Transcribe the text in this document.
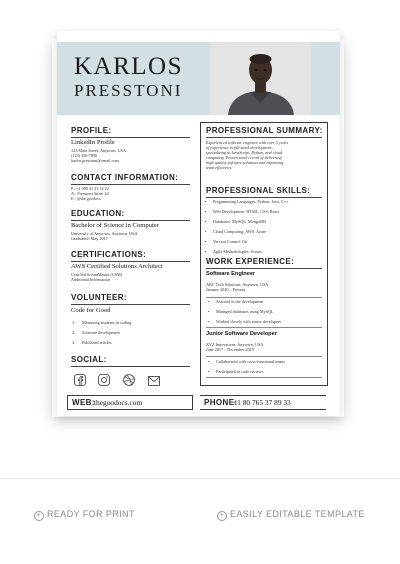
KARLOS
PRESSTONI
PROFILE:
LinkedIn Profile
123 Main Street, Anytown, USA
(123) 456-7890
karlos.presstoni@email.com
CONTACT INFORMATION:
P.: +1 000 41 23 14 22
A.: Presstoni Street 44
E.: @the.goodocs
EDUCATION:
Bachelor of Science in Computer
University of Anytown, Anytown, USA
Graduated: May 2017
CERTIFICATIONS:
AWS Certified Solutions Architect
Certified ScrumMaster (CSM)
Additional Information
VOLUNTEER:
Code for Good
1. Mentoring students in coding
2. Software development
3. Published articles
SOCIAL:
PROFESSIONAL SUMMARY:
Experienced software engineer with over 5 years
of experience in full-stack development,
specializing in JavaScript, Python, and cloud
computing. Proven track record of delivering
high-quality software solutions and improving
team efficiency.
PROFESSIONAL SKILLS:
• Programming Languages: Python, Java, C++
• Web Development: HTML, CSS, React
• Databases: MySQL, MongoDB
• Cloud Computing: AWS, Azure
• Version Control: Git
• Agile Methodologies: Scrum
WORK EXPERIENCE:
Software Engineer
ABC Tech Solutions, Anytown, USA
January 2020 – Present
• Assisted in the development
• Managed databases using MySQL
• Worked closely with senior developers
Junior Software Developer
XYZ Innovations, Anytown, USA
June 2017 – December 2019
• Collaborated with cross-functional teams
• Participated in code reviews
WEB: thegoodocs.com	PHONE:
+1 80 765 37 89 33
+ READY FOR PRINT	+ EASILY EDITABLE TEMPLATE
